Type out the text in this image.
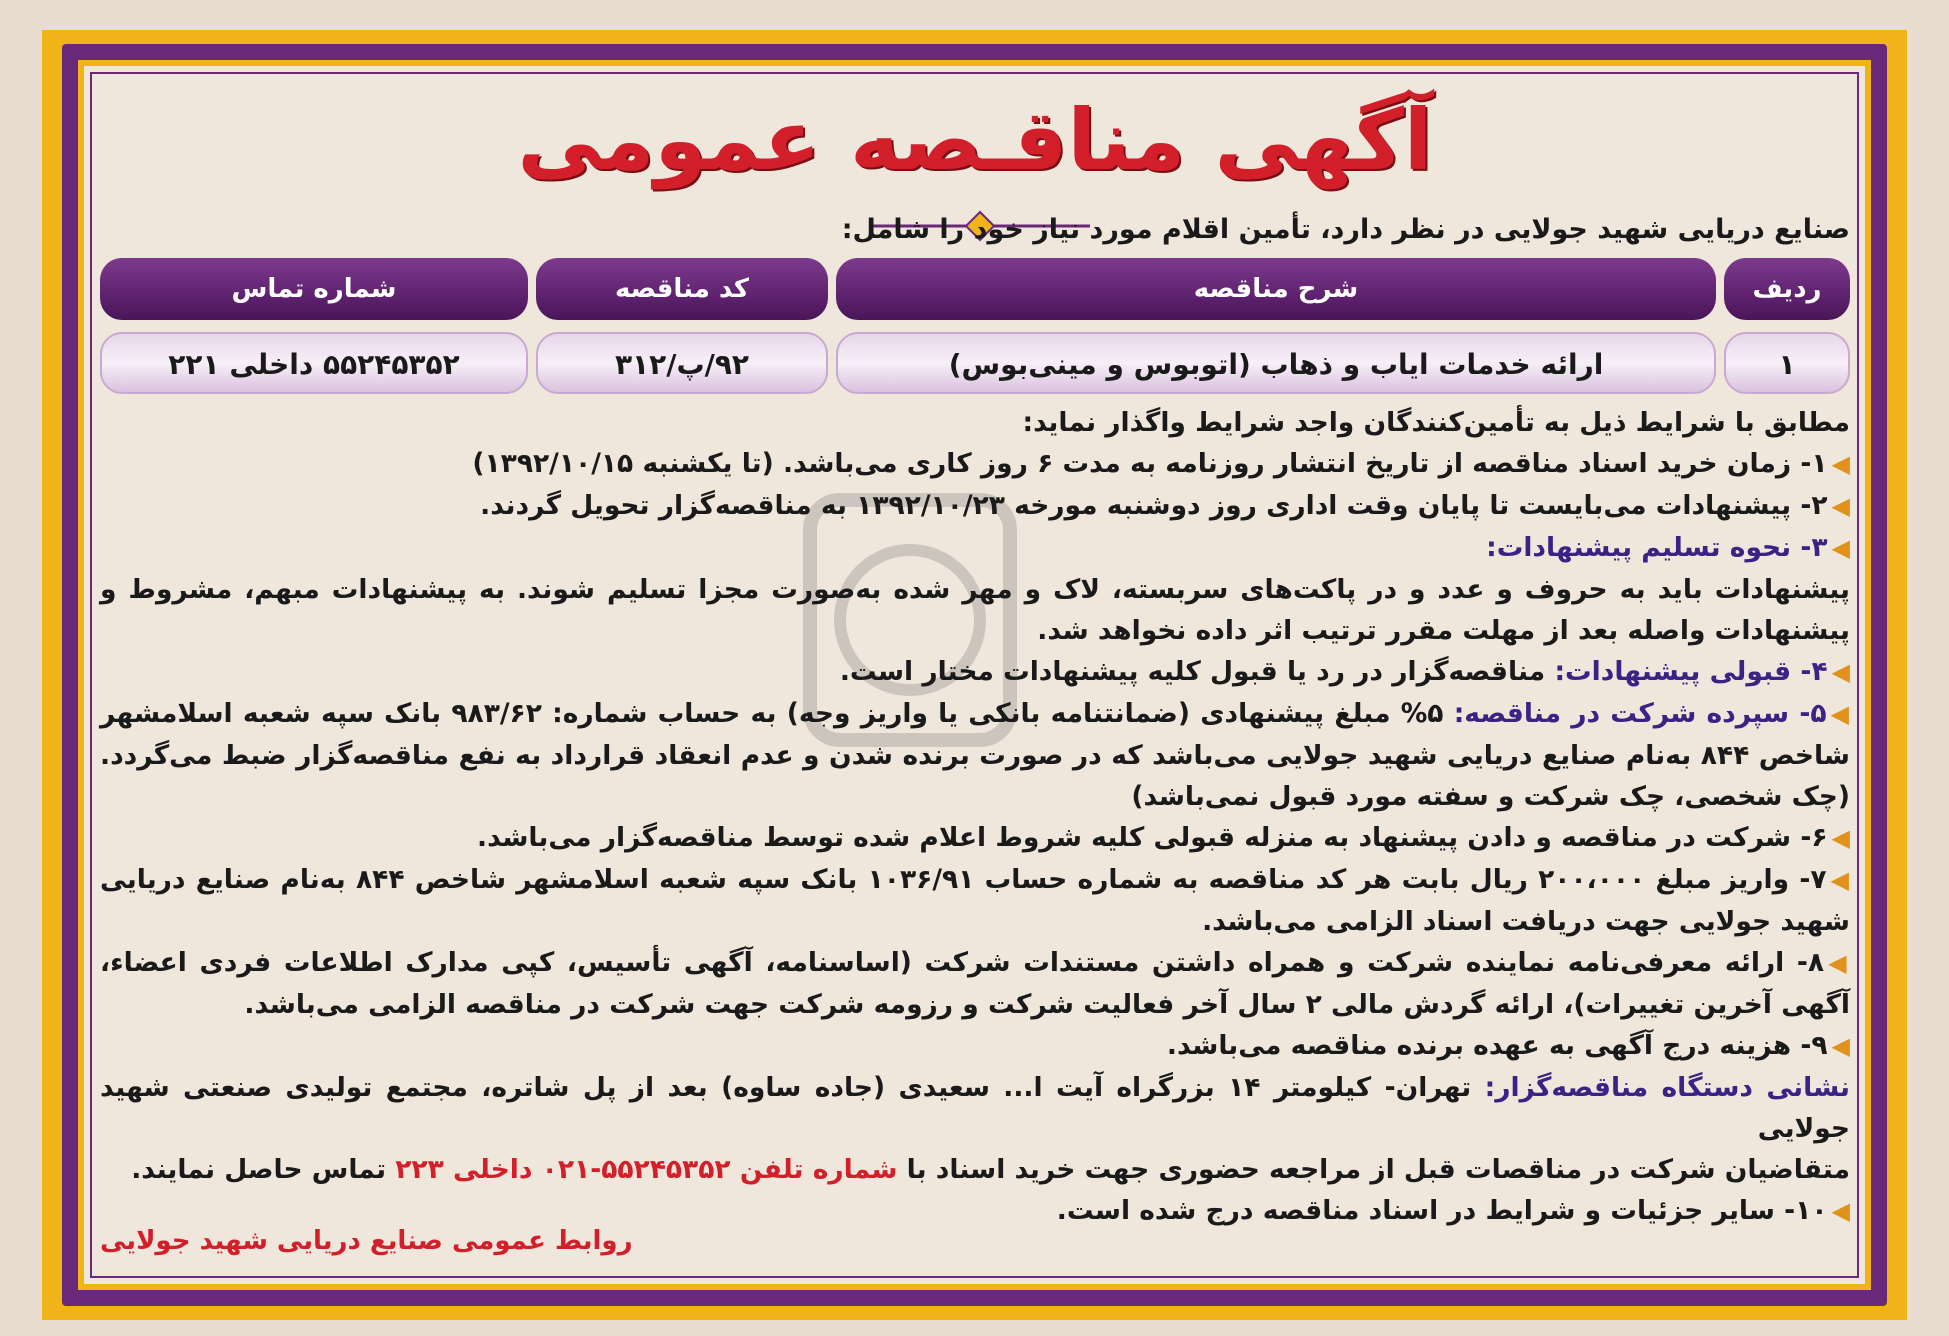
آگهی مناقـصه عمومی
صنایع دریایی شهید جولایی در نظر دارد، تأمین اقلام مورد نیاز خود را شامل:
ردیف
شرح مناقصه
کد مناقصه
شماره تماس
۱
ارائه خدمات ایاب و ذهاب (اتوبوس و مینی‌بوس)
۹۲/پ/۳۱۲
۵۵۲۴۵۳۵۲ داخلی ۲۲۱

مطابق با شرایط ذیل به تأمین‌کنندگان واجد شرایط واگذار نماید:

◀۱- زمان خرید اسناد مناقصه از تاریخ انتشار روزنامه به مدت ۶ روز کاری می‌باشد. (تا یکشنبه ۱۳۹۲/۱۰/۱۵)

◀۲- پیشنهادات می‌بایست تا پایان وقت اداری روز دوشنبه مورخه ۱۳۹۲/۱۰/۲۳ به مناقصه‌گزار تحویل گردند.

◀۳- نحوه تسلیم پیشنهادات:

پیشنهادات باید به حروف و عدد و در پاکت‌های سربسته، لاک و مهر شده به‌صورت مجزا تسلیم شوند. به پیشنهادات مبهم، مشروط و پیشنهادات واصله بعد از مهلت مقرر ترتیب اثر داده نخواهد شد.

◀۴- قبولی پیشنهادات: مناقصه‌گزار در رد یا قبول کلیه پیشنهادات مختار است.

◀۵- سپرده شرکت در مناقصه: ۵% مبلغ پیشنهادی (ضمانتنامه بانکی یا واریز وجه) به حساب شماره: ۹۸۳/۶۲ بانک سپه شعبه اسلامشهر شاخص ۸۴۴ به‌نام صنایع دریایی شهید جولایی می‌باشد که در صورت برنده شدن و عدم انعقاد قرارداد به نفع مناقصه‌گزار ضبط می‌گردد. (چک شخصی، چک شرکت و سفته مورد قبول نمی‌باشد)

◀۶- شرکت در مناقصه و دادن پیشنهاد به منزله قبولی کلیه شروط اعلام شده توسط مناقصه‌گزار می‌باشد.

◀۷- واریز مبلغ ۲۰۰،۰۰۰ ریال بابت هر کد مناقصه به شماره حساب ۱۰۳۶/۹۱ بانک سپه شعبه اسلامشهر شاخص ۸۴۴ به‌نام صنایع دریایی شهید جولایی جهت دریافت اسناد الزامی می‌باشد.

◀۸- ارائه معرفی‌نامه نماینده شرکت و همراه داشتن مستندات شرکت (اساسنامه، آگهی تأسیس، کپی مدارک اطلاعات فردی اعضاء، آگهی آخرین تغییرات)، ارائه گردش مالی ۲ سال آخر فعالیت شرکت و رزومه شرکت جهت شرکت در مناقصه الزامی می‌باشد.

◀۹- هزینه درج آگهی به عهده برنده مناقصه می‌باشد.

نشانی دستگاه مناقصه‌گزار: تهران- کیلومتر ۱۴ بزرگراه آیت ا... سعیدی (جاده ساوه) بعد از پل شاتره، مجتمع تولیدی صنعتی شهید جولایی

متقاضیان شرکت در مناقصات قبل از مراجعه حضوری جهت خرید اسناد با شماره تلفن ۵۵۲۴۵۳۵۲-۰۲۱ داخلی ۲۲۳ تماس حاصل نمایند.

◀۱۰- سایر جزئیات و شرایط در اسناد مناقصه درج شده است.

روابط عمومی صنایع دریایی شهید جولایی
